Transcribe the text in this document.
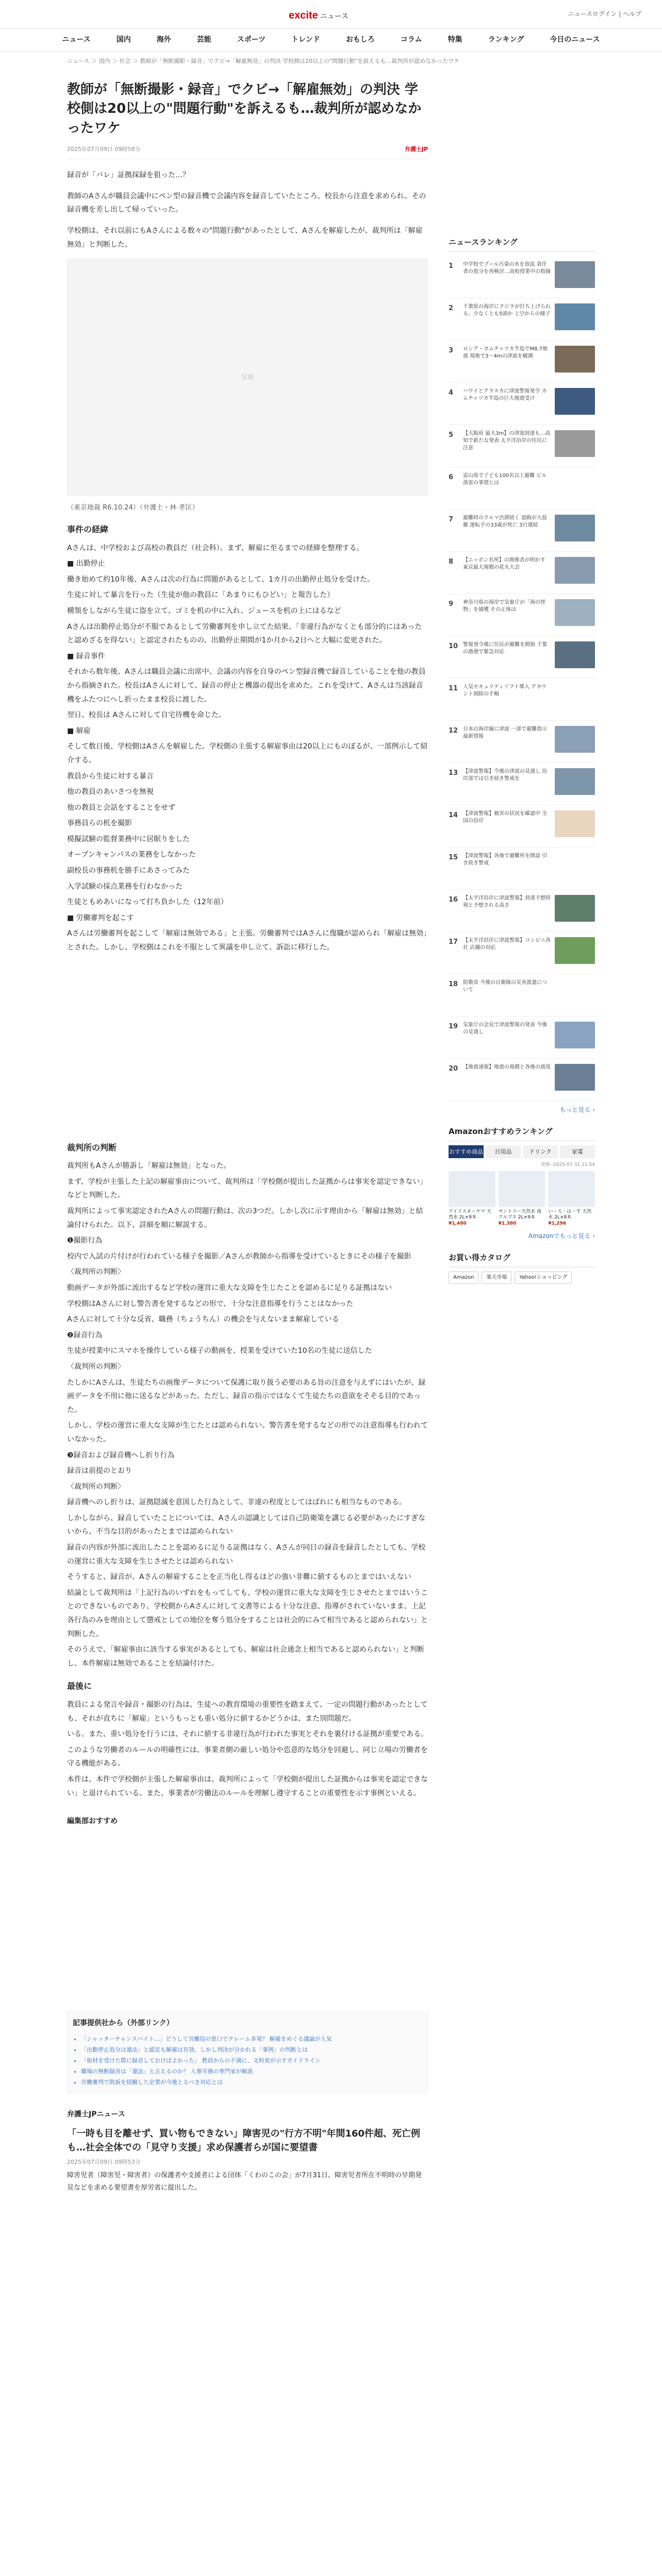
excite ニュース	ニュースログイン | ヘルプ
ニュース	国内	海外	芸能	スポーツ	トレンド	おもしろ	コラム	特集	ランキング	今日のニュース
ニュース ＞ 国内 ＞ 社会 ＞ 教師が「無断撮影・録音」でクビ→「解雇無効」の判決 学校側は20以上の"問題行動"を訴えるも…裁判所が認めなかったワケ
教師が「無断撮影・録音」でクビ→「解雇無効」の判決 学校側は20以上の"問題行動"を訴えるも…裁判所が認めなかったワケ
2025年07月09日 09時58分	弁護士JP

録音が「バレ」証拠採録を狙った…？

教師のAさんが職員会議中にペン型の録音機で会議内容を録音していたところ、校長から注意を求められ、その録音機を差し出して帰っていった。

学校側は、それ以前にもAさんによる数々の"問題行動"があったとして、Aさんを解雇したが、裁判所は「解雇無効」と判断した。

写真
（東京地裁 R6.10.24）（弁護士・林 孝匡）
事件の経緯

Aさんは、中学校および高校の教員だ（社会科）。まず、解雇に至るまでの経緯を整理する。

■ 出勤停止

働き始めて約10年後、Aさんは次の行為に問題があるとして、1カ月の出勤停止処分を受けた。

生徒に対して暴言を行った（生徒が他の教員に「あまりにもひどい」と報告した）

横領をしながら生徒に盗を立て、ゴミを机の中に入れ、ジュースを机の上にはるなど

Aさんは出勤停止処分が不服であるとして労働審判を申し立てた結果、「非違行為がなくとも部分的にはあったと認めざるを得ない」と認定されたものの、出勤停止期間が1か月から2日へと大幅に変更された。

■ 録音事件

それから数年後、Aさんは職員会議に出席中、会議の内容を自身のペン型録音機で録音していることを他の教員から指摘された。校長はAさんに対して、録音の停止と機器の提出を求めた。これを受けて、Aさんは当該録音機をふたつにへし折ったまま校長に渡した。

翌日、校長は Aさんに対して自宅待機を命じた。

■ 解雇

そして数日後、学校側はAさんを解雇した。学校側の主張する解雇事由は20以上にものぼるが、一部例示して紹介する。

教員から生徒に対する暴言

他の教員のあいさつを無視

他の教員と会話をすることをせず

事務員らの机を撮影

模擬試験の監督業務中に居眠りをした

オープンキャンパスの業務をしなかった

副校長の事務机を勝手にあさってみた

入学試験の採点業務を行わなかった

生徒ともめあいになって打ち負かした（12年前）

■ 労働審判を起こす

Aさんは労働審判を起こして「解雇は無効である」と主張。労働審判ではAさんに復職が認められ「解雇は無効」とされた。しかし、学校側はこれを不服として異議を申し立て、訴訟に移行した。

裁判所の判断

裁判所もAさんが勝訴し「解雇は無効」となった。

まず、学校が主張した上記の解雇事由について、裁判所は「学校側が提出した証拠からは事実を認定できない」などと判断した。

裁判所によって事実認定されたAさんの問題行動は、次の3つだ。しかし次に示す理由から「解雇は無効」と結論付けられた。以下、詳細を順に解説する。

❶撮影行為

校内で入試の片付けが行われている様子を撮影／Aさんが教師から指導を受けているときにその様子を撮影

〈裁判所の判断〉

動画データが外部に流出するなど学校の運営に重大な支障を生じたことを認めるに足りる証拠はない

学校側はAさんに対し警告書を発するなどの形で、十分な注意指導を行うことはなかった

Aさんに対して十分な反省、職務（ちょうちん）の機会を与えないまま解雇している

❷録音行為

生徒が授業中にスマホを操作している様子の動画を、授業を受けていた10名の生徒に送信した

〈裁判所の判断〉

たしかにAさんは、生徒たちの画像データについて保護に取り扱う必要のある旨の注意を与えずにはいたが、録画データを不用に他に送るなどがあった。ただし、録音の指示ではなくて生徒たちの意欲をそそる目的であった。

しかし、学校の運営に重大な支障が生じたとは認められない。警告書を発するなどの形での注意指導も行われていなかった。

❸録音および録音機へし折り行為

録音は前提のとおり

〈裁判所の判断〉

録音機へのし折りは、証拠隠滅を意図した行為として、非違の程度としてはばれにも相当なものである。

しかしながら、録音していたことについては、Aさんの認識としては自己防衛策を講じる必要があったにすぎないから、不当な目的があったとまでは認められない

録音の内容が外部に流出したことを認めるに足りる証拠はなく、Aさんが同日の録音を録音したとしても、学校の運営に重大な支障を生じさせたとは認められない

そうすると、録音が、Aさんの解雇することを正当化し得るほどの強い非難に値するものとまではいえない

結論として裁判所は「上記行為のいずれをもってしても、学校の運営に重大な支障を生じさせたとまではいうことのできないものであり、学校側からAさんに対して文書等による十分な注意、指導がされていないまま、上記各行為のみを理由として懲戒としての地位を奪う処分をすることは社会的にみて相当であると認められない」と判断した。

そのうえで、「解雇事由に該当する事実があるとしても、解雇は社会通念上相当であると認められない」と判断し、本件解雇は無効であることを結論付けた。

最後に

教員による発言や録音・撮影の行為は、生徒への教育環境の重要性を踏まえて、一定の問題行動があったとしても、それが直ちに「解雇」というもっとも重い処分に値するかどうかは、また別問題だ。

いる。また、重い処分を行うには、それに値する非違行為が行われた事実とそれを裏付ける証拠が重要である。

このような労働者のルールの明確性には、事業者側の厳しい処分や恣意的な処分を回避し、同じ立場の労働者を守る機能がある。

本件は、本件で学校側が主張した解雇事由は、裁判所によって「学校側が提出した証拠からは事実を認定できない」と退けられている。また、事業者が労働法のルールを理解し遵守することの重要性を示す事例といえる。

編集部おすすめ
記事提供社から（外部リンク）
• 「シャッターチャンスバイト…」どうして労働局の窓口でクレーム多発？ 解雇をめぐる議論が人気
• 「出勤停止処分は違法」と認定も解雇は有効、しかし判決が分かれる「事例」の判断とは
• 「取材を受けた際に録音しておけばよかった」 教員からの不満に、文科省が示すガイドライン
• 職場の無断録音は「違法」と言えるのか？ 人事労務の専門家が解説
• 労働審判で敗訴を経験した企業が今後とるべき対応とは
弁護士JPニュース
「一時も目を離せず、買い物もできない」障害児の"行方不明"年間160件超、死亡例も…社会全体での「見守り支援」求め保護者らが国に要望書
2025年07月09日 09時53分
障害児者（障害児・障害者）の保護者や支援者による団体「くわのこの会」が7月31日、障害児者所在不明時の早期発見などを求める要望書を厚労省に提出した。
ニュースランキング
1	中学校でプール汚染の水を放流 責任者の処分を再検討…高校授業中の指摘
2	千葉県の海岸にクジラが打ち上げられる、少なくとも5頭か 上空からの様子
3	ロシア・カムチャツカ半島でM8.7地震 現地で3〜4mの津波を観測
4	ハワイとアラスカに津波警報発令 カムチャツカ半島の巨大地震受け
5	【大阪府 最大3m】の津波到達も…高知で新たな発表 太平洋沿岸の住民に注意
6	富山県で子ども100名以上避難 ビル落雷の事情とは
7	避難時のクルマ渋滞続く 道路が大混雑 運転手の33歳が死亡 3日連続
8	【ニッポン名所】の関係者が明かす 東京最大規模の花火大会
9	神奈川県の海岸で気象庁が「海の怪物」を捕獲 その正体は
10 警報発令後に住民が避難を開始 千葉の漁港で緊急対応
11 人気セキュリティソフト導入 アカウント削除の手順
12 日本の海岸線に津波 一部で避難指示 最新情報
13 【津波警報】今後の津波の見通し 沿岸部では引き続き警戒を
14 【津波警報】被害の状況を確認中 全国の沿岸
15 【津波警報】各地で避難所を開設 引き続き警戒
16 【太平洋沿岸に津波警報】到達予想時刻と予想される高さ
17 【太平洋沿岸に津波警報】コンビニ各社 店舗の対応
18 防衛省 今後の自衛隊の災害派遣について
19 気象庁の会見で津波警報の発表 今後の見通し
20 【地震速報】地震の規模と各地の震度
もっと見る ›
Amazonおすすめランキング
おすすめ商品	日用品	ドリンク	家電
更新: 2025-07-31 11:54
アイリスオーヤマ 天然水 2L×9本
¥1,480
サントリー天然水 南アルプス 2L×9本
¥1,380
い・ろ・は・す 天然水 2L×8本
¥1,296
Amazonでもっと見る ›
お買い得カタログ
Amazon	楽天市場	Yahoo!ショッピング
